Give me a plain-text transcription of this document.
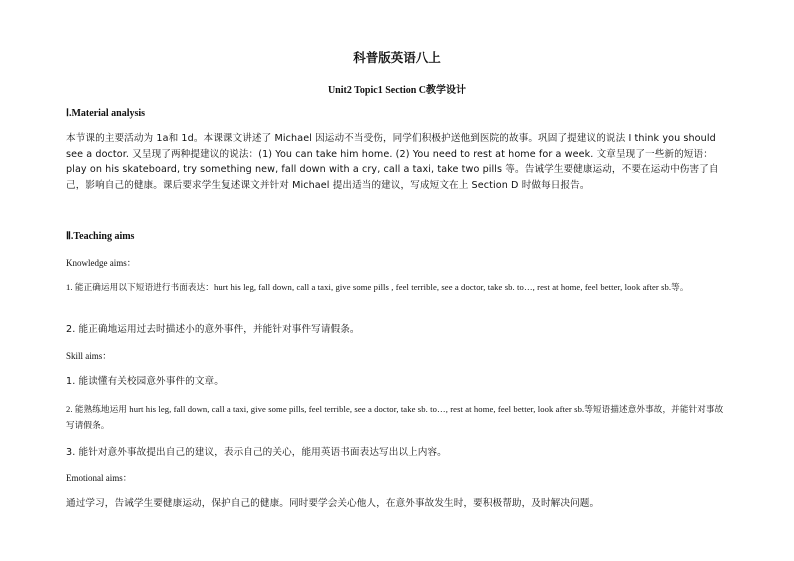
科普版英语八上
Unit2 Topic1 Section C教学设计
Ⅰ.Material analysis
本节课的主要活动为 1a和 1d。本课课文讲述了 Michael 因运动不当受伤，同学们积极护送他到医院的故事。巩固了提建议的说法 I think you should see a doctor. 又呈现了两种提建议的说法：(1) You can take him home. (2) You need to rest at home for a week. 文章呈现了一些新的短语：play on his skateboard, try something new, fall down with a cry, call a taxi, take two pills 等。告诫学生要健康运动，不要在运动中伤害了自己，影响自己的健康。课后要求学生复述课文并针对 Michael 提出适当的建议，写成短文在上 Section D 时做每日报告。
Ⅱ.Teaching aims
Knowledge aims：
1. 能正确运用以下短语进行书面表达：hurt his leg, fall down, call a taxi, give some pills , feel terrible, see a doctor, take sb. to…, rest at home, feel better, look after sb.等。
2. 能正确地运用过去时描述小的意外事件，并能针对事件写请假条。
Skill aims：
1. 能读懂有关校园意外事件的文章。
2. 能熟练地运用 hurt his leg, fall down, call a taxi, give some pills, feel terrible, see a doctor, take sb. to…, rest at home, feel better, look after sb.等短语描述意外事故，并能针对事故写请假条。
3. 能针对意外事故提出自己的建议，表示自己的关心，能用英语书面表达写出以上内容。
Emotional aims：
通过学习，告诫学生要健康运动，保护自己的健康。同时要学会关心他人，在意外事故发生时，要积极帮助，及时解决问题。
